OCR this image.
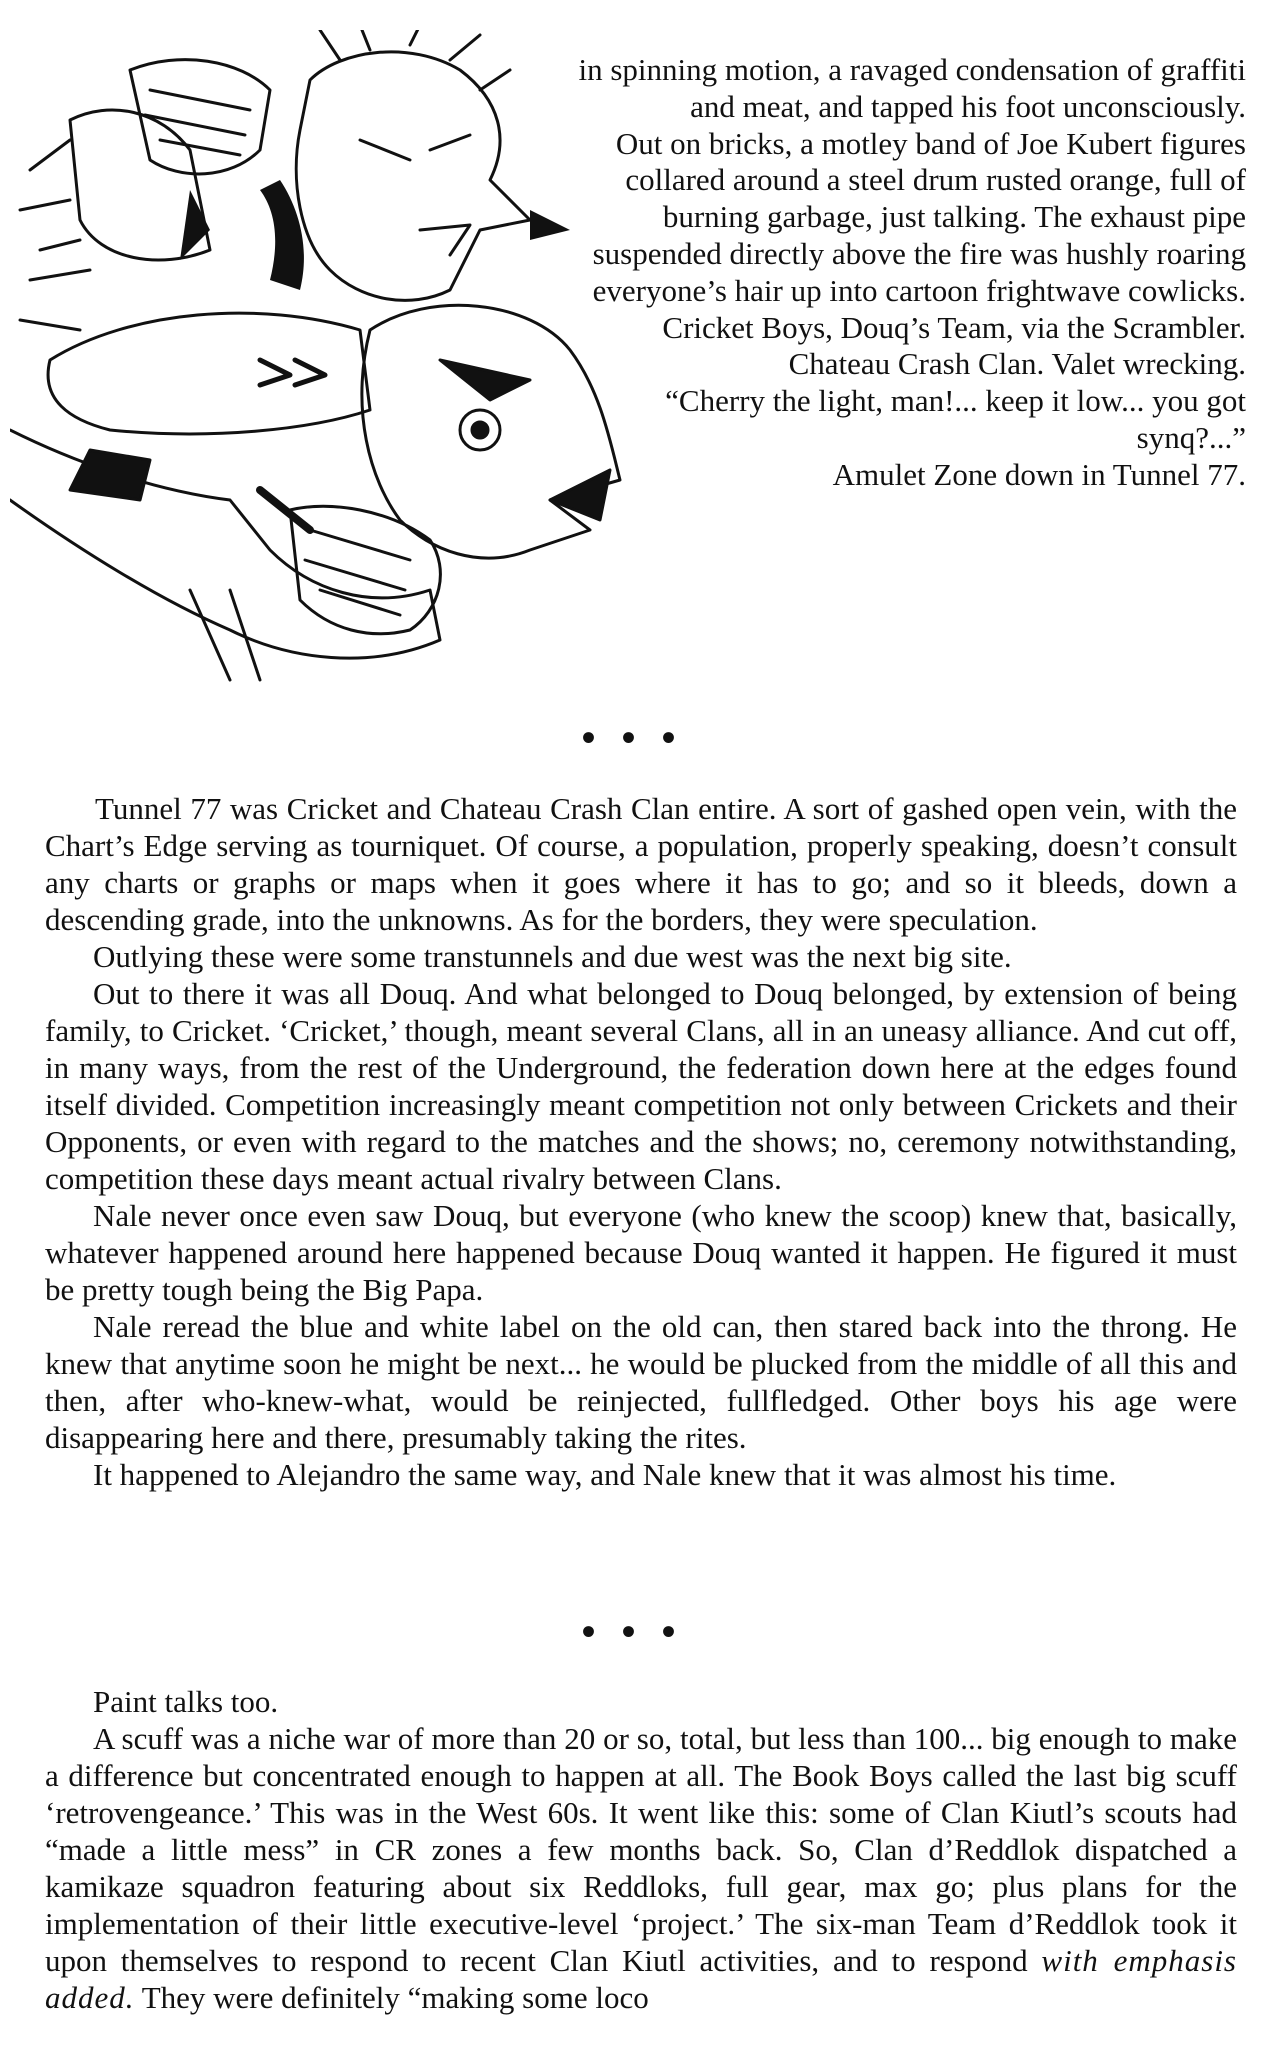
in spinning motion, a ravaged condensation of graffiti and meat, and tapped his foot unconsciously.

Out on bricks, a motley band of Joe Kubert figures collared around a steel drum rusted orange, full of burning garbage, just talking. The exhaust pipe suspended directly above the fire was hushly roaring everyone’s hair up into cartoon frightwave cowlicks.

Cricket Boys, Douq’s Team, via the Scrambler. Chateau Crash Clan. Valet wrecking.

“Cherry the light, man!... keep it low... you got synq?...”

Amulet Zone down in Tunnel 77.

• • •

Tunnel 77 was Cricket and Chateau Crash Clan entire. A sort of gashed open vein, with the Chart’s Edge serving as tourniquet. Of course, a population, properly speaking, doesn’t consult any charts or graphs or maps when it goes where it has to go; and so it bleeds, down a descending grade, into the unknowns. As for the borders, they were speculation.

Outlying these were some transtunnels and due west was the next big site.

Out to there it was all Douq. And what belonged to Douq belonged, by extension of being family, to Cricket. ‘Cricket,’ though, meant several Clans, all in an uneasy alliance. And cut off, in many ways, from the rest of the Underground, the federation down here at the edges found itself divided. Competition increasingly meant competition not only between Crickets and their Opponents, or even with regard to the matches and the shows; no, ceremony notwithstanding, competition these days meant actual rivalry between Clans.

Nale never once even saw Douq, but everyone (who knew the scoop) knew that, basically, whatever happened around here happened because Douq wanted it happen. He figured it must be pretty tough being the Big Papa.

Nale reread the blue and white label on the old can, then stared back into the throng. He knew that anytime soon he might be next... he would be plucked from the middle of all this and then, after who-knew-what, would be reinjected, fullfledged. Other boys his age were disappearing here and there, presumably taking the rites.

It happened to Alejandro the same way, and Nale knew that it was almost his time.

• • •

Paint talks too.

A scuff was a niche war of more than 20 or so, total, but less than 100... big enough to make a difference but concentrated enough to happen at all. The Book Boys called the last big scuff ‘retrovengeance.’ This was in the West 60s. It went like this: some of Clan Kiutl’s scouts had “made a little mess” in CR zones a few months back. So, Clan d’Reddlok dispatched a kamikaze squadron featuring about six Reddloks, full gear, max go; plus plans for the implementation of their little executive-level ‘project.’ The six-man Team d’Reddlok took it upon themselves to respond to recent Clan Kiutl activities, and to respond with emphasis added. They were definitely “making some loco
